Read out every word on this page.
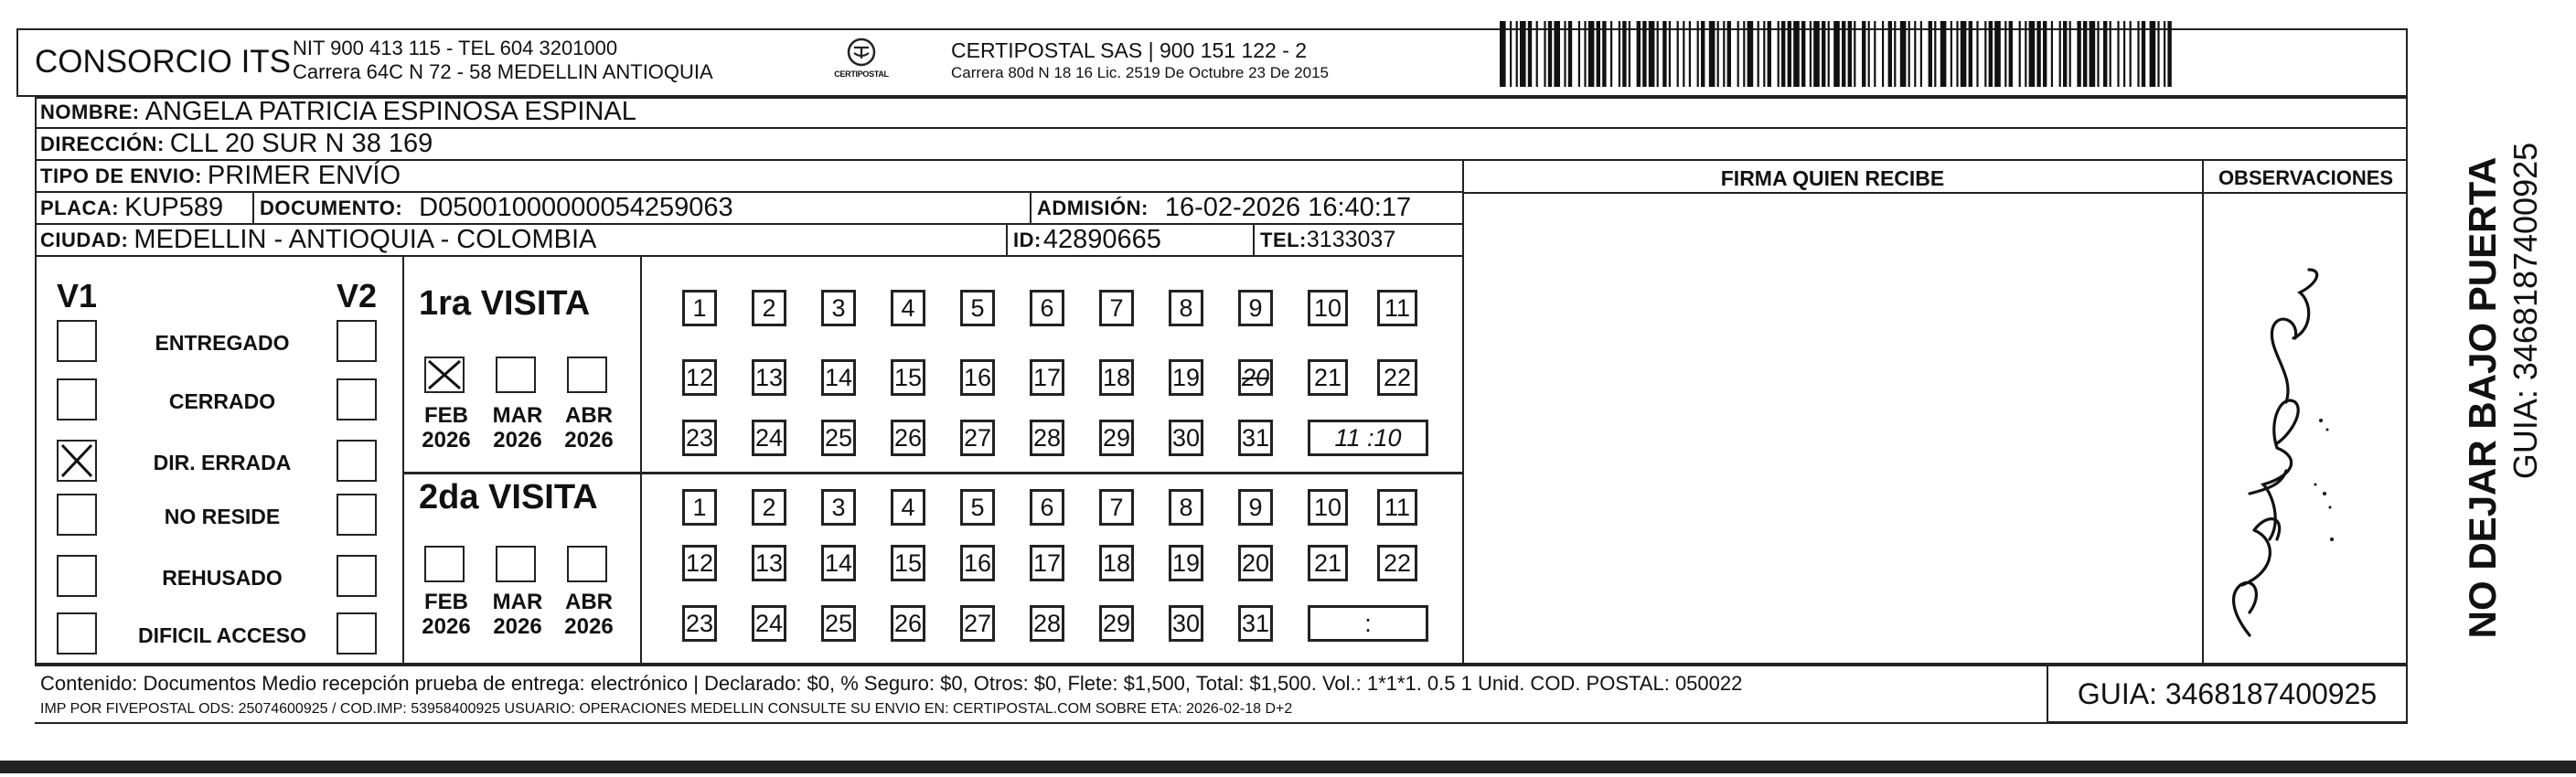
CONSORCIO ITS NIT 900 413 115 - TEL 604 3201000
Carrera 64C N 72 - 58 MEDELLIN ANTIOQUIA	CERTIPOSTAL
CERTIPOSTAL SAS | 900 151 122 - 2
Carrera 80d N 18 16 Lic. 2519 De Octubre 23 De 2015
NOMBRE: ANGELA PATRICIA ESPINOSA ESPINAL
DIRECCIÓN: CLL 20 SUR N 38 169
TIPO DE ENVIO: PRIMER ENVÍO
PLACA: KUP589 DOCUMENTO: D05001000000054259063	ADMISIÓN: 16-02-2026 16:40:17
CIUDAD: MEDELLIN - ANTIOQUIA - COLOMBIA	ID: 42890665	TEL: 3133037
FIRMA QUIEN RECIBE	OBSERVACIONES
V1	V2
ENTREGADO
CERRADO
DIR. ERRADA
NO RESIDE
REHUSADO
DIFICIL ACCESO
1ra VISITA
2da VISITA
FEB
2026
MAR
2026
ABR
2026
FEB
2026
MAR
2026
ABR
2026
1	2	3	4	5	6	7	8	9	10 11
12 13 14 15 16 17 18 19 20 21 22
23 24 25 26 27 28 29 30 31	11 :10
1	2	3	4	5	6	7	8	9	10 11
12 13 14 15 16 17 18 19 20 21 22
23 24 25 26 27 28 29 30 31	:
Contenido: Documentos Medio recepción prueba de entrega: electrónico | Declarado: $0, % Seguro: $0, Otros: $0, Flete: $1,500, Total: $1,500. Vol.: 1*1*1. 0.5 1 Unid. COD. POSTAL: 050022
IMP POR FIVEPOSTAL ODS: 25074600925 / COD.IMP: 53958400925 USUARIO: OPERACIONES MEDELLIN CONSULTE SU ENVIO EN: CERTIPOSTAL.COM SOBRE ETA: 2026-02-18 D+2	GUIA: 3468187400925
NO DEJAR BAJO PUERTA GUIA: 3468187400925
